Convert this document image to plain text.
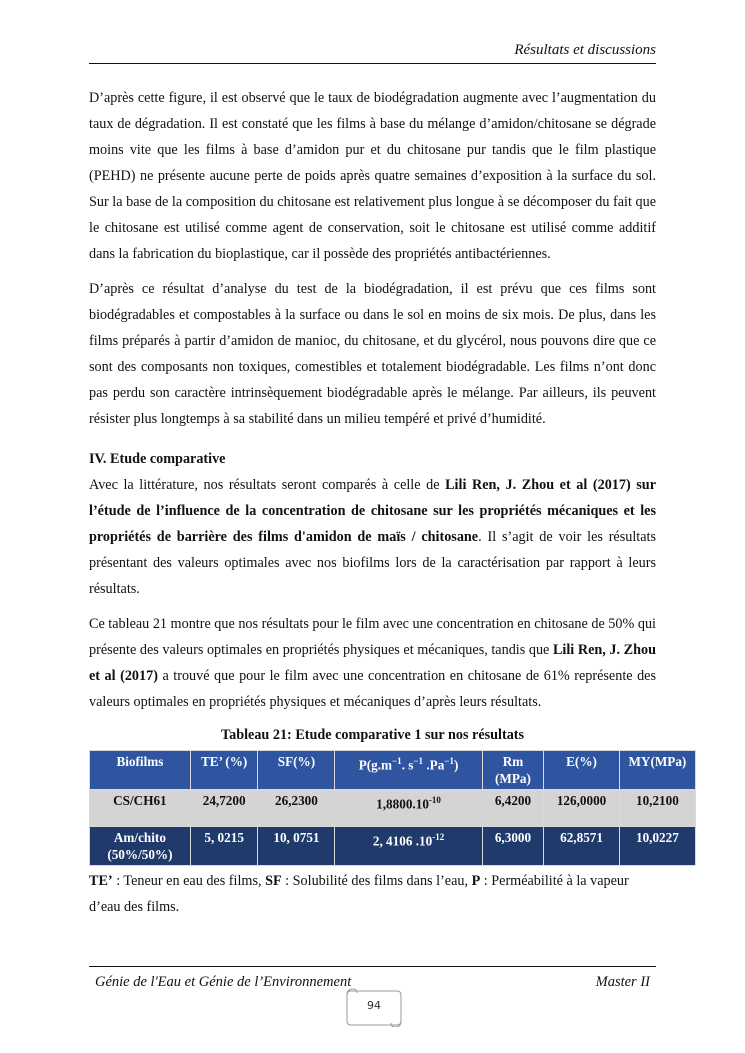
Résultats et discussions

D’après cette figure, il est observé que le taux de biodégradation augmente avec l’augmentation du taux de dégradation. Il est constaté que les films à base du mélange d’amidon/chitosane se dégrade moins vite que les films à base d’amidon pur et du chitosane pur tandis que le film plastique (PEHD) ne présente aucune perte de poids après quatre semaines d’exposition à la surface du sol. Sur la base de la composition du chitosane est relativement plus longue à se décomposer du fait que le chitosane est utilisé comme agent de conservation, soit le chitosane est utilisé comme additif dans la fabrication du bioplastique, car il possède des propriétés antibactériennes.

D’après ce résultat d’analyse du test de la biodégradation, il est prévu que ces films sont biodégradables et compostables à la surface ou dans le sol en moins de six mois. De plus, dans les films préparés à partir d’amidon de manioc, du chitosane, et du glycérol, nous pouvons dire que ce sont des composants non toxiques, comestibles et totalement biodégradable. Les films n’ont donc pas perdu son caractère intrinsèquement biodégradable après le mélange. Par ailleurs, ils peuvent résister plus longtemps à sa stabilité dans un milieu tempéré et privé d’humidité.

IV. Etude comparative

Avec la littérature, nos résultats seront comparés à celle de Lili Ren, J. Zhou et al (2017) sur l’étude de l’influence de la concentration de chitosane sur les propriétés mécaniques et les propriétés de barrière des films d'amidon de maïs / chitosane. Il s’agit de voir les résultats présentant des valeurs optimales avec nos biofilms lors de la caractérisation par rapport à leurs résultats.

Ce tableau 21 montre que nos résultats pour le film avec une concentration en chitosane de 50% qui présente des valeurs optimales en propriétés physiques et mécaniques, tandis que Lili Ren, J. Zhou et al (2017) a trouvé que pour le film avec une concentration en chitosane de 61% représente des valeurs optimales en propriétés physiques et mécaniques d’après leurs résultats.

Tableau 21: Etude comparative 1 sur nos résultats
Biofilms	TE’ (%)	SF(%)	$P(g.m^{-1}$. $s^{-1}$ $.Pa^{-1}$)	Rm (MPa)	E(%)	MY(MPa)
CS/CH61	24,7200	26,2300	$1,8800.10^{-10}$	6,4200	126,0000	10,2100
Am/chito
(50%/50%)	5, 0215	10, 0751	2, 4106 $.10^{-12}$	6,3000	62,8571	10,0227
TE’ : Teneur en eau des films, SF : Solubilité des films dans l’eau, P : Perméabilité à la vapeur d’eau des films.
Génie de l'Eau et Génie de l’Environnement	Master II
94
